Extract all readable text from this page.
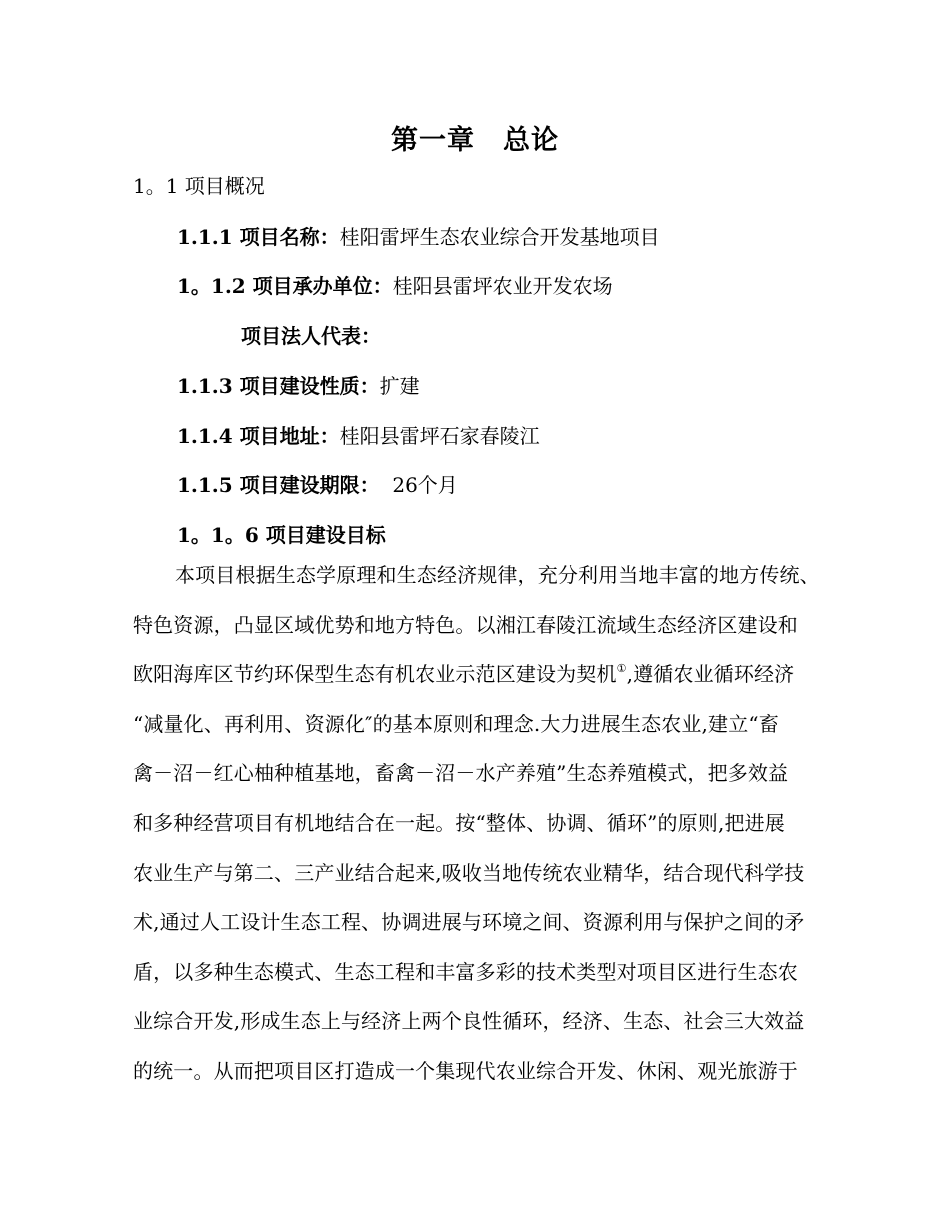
第一章　总论
1。1 项目概况
1.1.1 项目名称：桂阳雷坪生态农业综合开发基地项目
1。1.2 项目承办单位：桂阳县雷坪农业开发农场
项目法人代表：
1.1.3 项目建设性质：扩建
1.1.4 项目地址：桂阳县雷坪石家春陵江
1.1.5 项目建设期限：  26个月
1。1。6 项目建设目标
本项目根据生态学原理和生态经济规律，充分利用当地丰富的地方传统、
特色资源，凸显区域优势和地方特色。以湘江春陵江流域生态经济区建设和
欧阳海库区节约环保型生态有机农业示范区建设为契机①,遵循农业循环经济
“减量化、再利用、资源化″的基本原则和理念.大力进展生态农业,建立“畜
禽－沼－红心柚种植基地，畜禽－沼－水产养殖”生态养殖模式，把多效益
和多种经营项目有机地结合在一起。按“整体、协调、循环”的原则,把进展
农业生产与第二、三产业结合起来,吸收当地传统农业精华，结合现代科学技
术,通过人工设计生态工程、协调进展与环境之间、资源利用与保护之间的矛
盾，以多种生态模式、生态工程和丰富多彩的技术类型对项目区进行生态农
业综合开发,形成生态上与经济上两个良性循环，经济、生态、社会三大效益
的统一。从而把项目区打造成一个集现代农业综合开发、休闲、观光旅游于
